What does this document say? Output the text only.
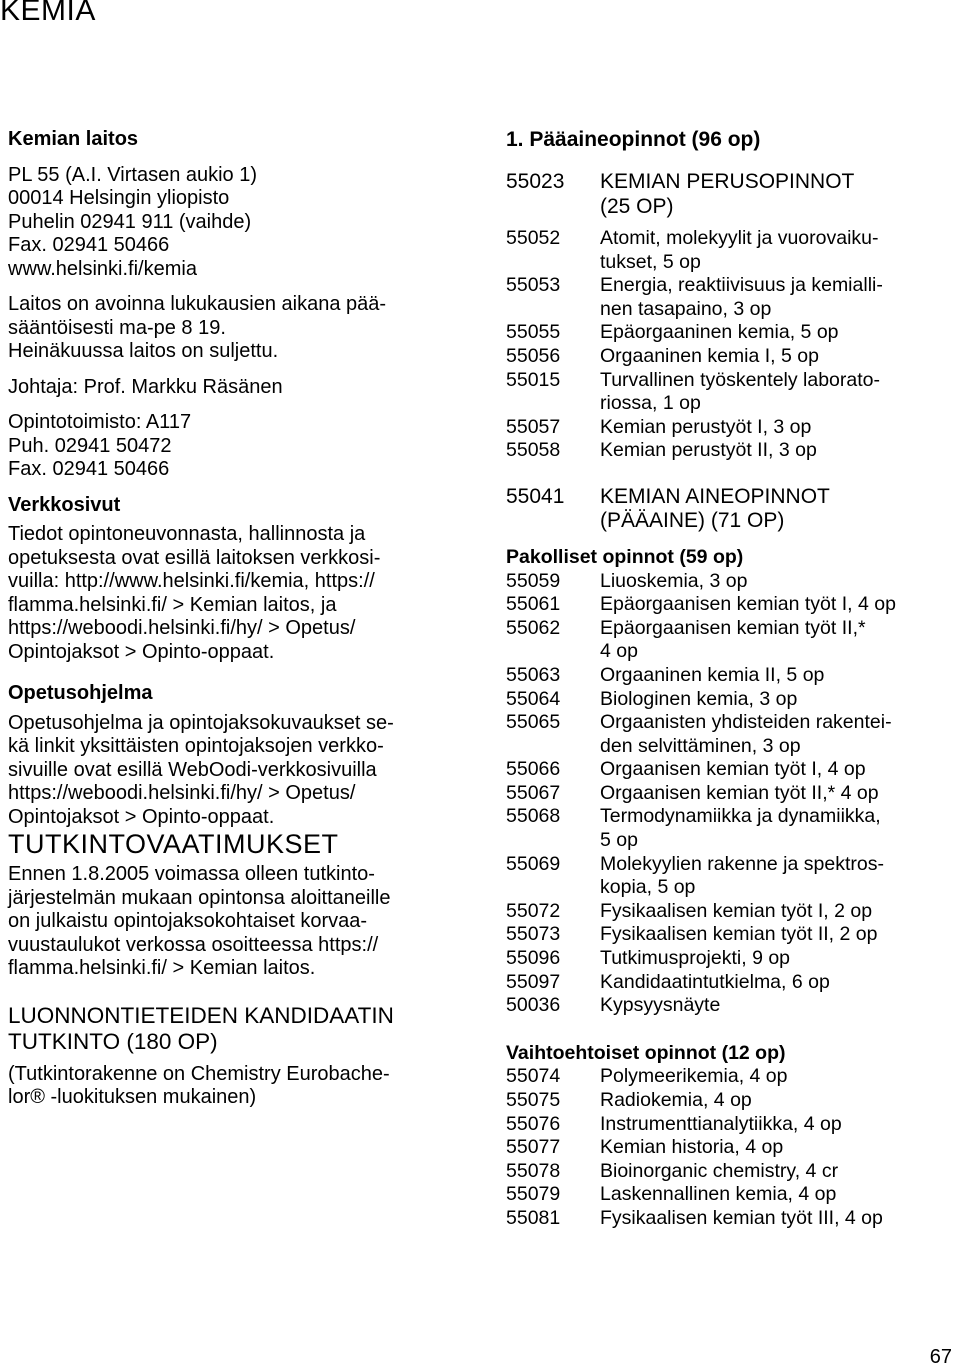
KEMIA

Kemian laitos

PL 55 (A.I. Virtasen aukio 1)

00014 Helsingin yliopisto

Puhelin 02941 911 (vaihde)

Fax. 02941 50466

www.helsinki.fi/kemia

Laitos on avoinna lukukausien aikana pää-

sääntöisesti ma-pe 8 19.

Heinäkuussa laitos on suljettu.

Johtaja: Prof. Markku Räsänen

Opintotoimisto: A117

Puh. 02941 50472

Fax. 02941 50466

Verkkosivut

Tiedot opintoneuvonnasta, hallinnosta ja

opetuksesta ovat esillä laitoksen verkkosi-

vuilla: http://www.helsinki.fi/kemia, https://

flamma.helsinki.fi/ > Kemian laitos, ja

https://weboodi.helsinki.fi/hy/ > Opetus/

Opintojaksot > Opinto-oppaat.

Opetusohjelma

Opetusohjelma ja opintojaksokuvaukset se-

kä linkit yksittäisten opintojaksojen verkko-

sivuille ovat esillä WebOodi-verkkosivuilla

https://weboodi.helsinki.fi/hy/ > Opetus/

Opintojaksot > Opinto-oppaat.

TUTKINTOVAATIMUKSET

Ennen 1.8.2005 voimassa olleen tutkinto-

järjestelmän mukaan opintonsa aloittaneille

on julkaistu opintojaksokohtaiset korvaa-

vuustaulukot verkossa osoitteessa https://

flamma.helsinki.fi/ > Kemian laitos.

LUONNONTIETEIDEN KANDIDAATIN

TUTKINTO (180 OP)

(Tutkintorakenne on Chemistry Eurobache-

lor® -luokituksen mukainen)

1. Pääaineopinnot (96 op)

55023	KEMIAN PERUSOPINNOT
(25 OP)
55052	Atomit, molekyylit ja vuorovaiku-
tukset, 5 op
55053	Energia, reaktiivisuus ja kemialli-
nen tasapaino, 3 op
55055	Epäorgaaninen kemia, 5 op
55056	Orgaaninen kemia I, 5 op
55015	Turvallinen työskentely laborato-
riossa, 1 op
55057	Kemian perustyöt I, 3 op
55058	Kemian perustyöt II, 3 op
55041	KEMIAN AINEOPINNOT
(PÄÄAINE) (71 OP)

Pakolliset opinnot (59 op)

55059	Liuoskemia, 3 op
55061	Epäorgaanisen kemian työt I, 4 op
55062	Epäorgaanisen kemian työt II,*
4 op
55063	Orgaaninen kemia II, 5 op
55064	Biologinen kemia, 3 op
55065	Orgaanisten yhdisteiden rakentei-
den selvittäminen, 3 op
55066	Orgaanisen kemian työt I, 4 op
55067	Orgaanisen kemian työt II,* 4 op
55068	Termodynamiikka ja dynamiikka,
5 op
55069	Molekyylien rakenne ja spektros-
kopia, 5 op
55072	Fysikaalisen kemian työt I, 2 op
55073	Fysikaalisen kemian työt II, 2 op
55096	Tutkimusprojekti, 9 op
55097	Kandidaatintutkielma, 6 op
50036	Kypsyysnäyte

Vaihtoehtoiset opinnot (12 op)

55074	Polymeerikemia, 4 op
55075	Radiokemia, 4 op
55076	Instrumenttianalytiikka, 4 op
55077	Kemian historia, 4 op
55078	Bioinorganic chemistry, 4 cr
55079	Laskennallinen kemia, 4 op
55081	Fysikaalisen kemian työt III, 4 op
67
